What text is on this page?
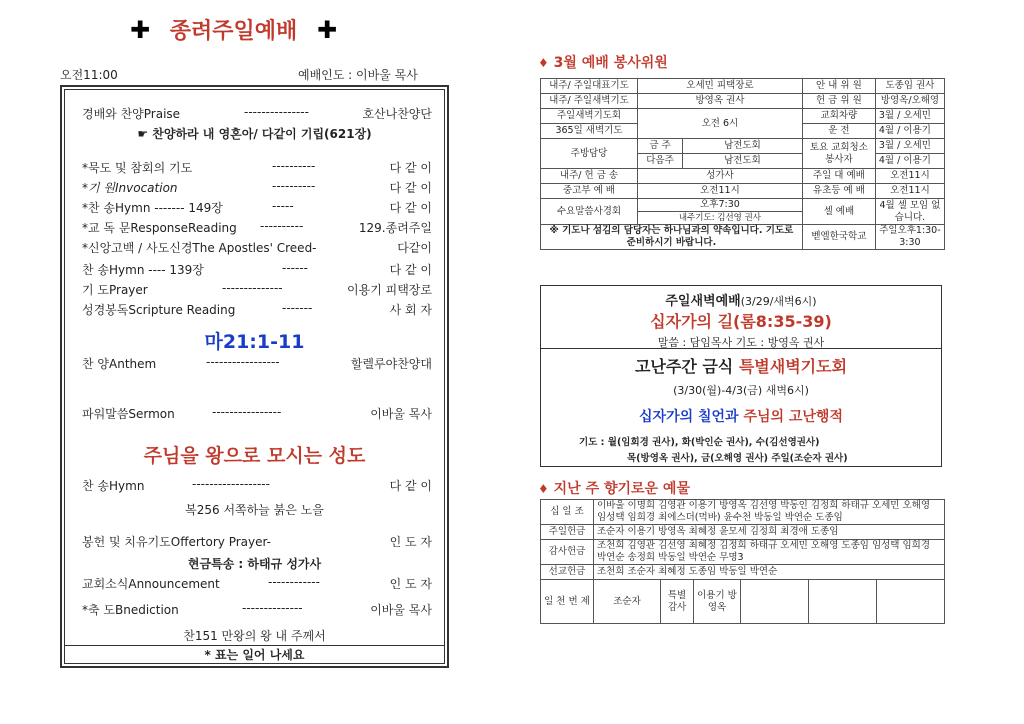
✚ 종려주일예배 ✚
오전11:00	예배인도 : 이바울 목사
경배와 찬양Praise	---------------	호산나찬양단
☛ 찬양하라 내 영혼아/ 다같이 기립(621장)
*묵도 및 참회의 기도	----------	다 같 이
*기 원Invocation	----------	다 같 이
*찬 송Hymn ------- 149장	-----	다 같 이
*교 독 문ResponseReading ----------	129.종려주일
*신앙고백 / 사도신경The Apostles' Creed-	다같이
찬 송Hymn ---- 139장	------	다 같 이
기 도Prayer	--------------	이용기 피택장로
성경봉독Scripture Reading	-------	사 회 자
마21:1-11
찬 양Anthem	-----------------	할렐루야찬양대
파워말씀Sermon	----------------	이바울 목사
주님을 왕으로 모시는 성도
찬 송Hymn	------------------	다 같 이
복256 서쪽하늘 붉은 노을
봉헌 및 치유기도Offertory Prayer-	인 도 자
현금특송 : 하태규 성가사
교회소식Announcement	------------	인 도 자
*축 도Bnediction	--------------	이바울 목사
찬151 만왕의 왕 내 주께서
* 표는 일어 나세요
♦ 3월 예배 봉사위원
내주/ 주일대표기도	오세민 피택장로		안 내 위 원	도종임 권사
내주/ 주일새벽기도	방영옥 권사		헌 금 위 원	방영옥/오해영
주일새벽기도회	오전 6시		교회차량	3월 / 오세민
365일 새벽기도			운 전	4월 / 이용기
주방담당	금 주	남전도회	토요 교회청소 봉사자	3월 / 오세민
	다음주	남전도회		4월 / 이용기
내주/ 헌 금 송	성가사		주일 대 예배	오전11시
중고부 예 배	오전11시		유초등 예 배	오전11시
수요말씀사경회	오후7:30
내주기도: 김선영 권사		셀 예배	4월 셀 모임 없습니다.
※ 기도나 섬김의 담당자는 하나님과의 약속입니다. 기도로 준비하시기 바랍니다.			벧엘한국학교	주일오후1:30-3:30
주일새벽예배(3/29/새벽6시)
십자가의 길(롬8:35-39)
말씀 : 담임목사 기도 : 방영옥 권사
고난주간 금식 특별새벽기도회
(3/30(월)-4/3(금) 새벽6시)
십자가의 칠언과 주님의 고난행적
기도 : 월(임회경 권사), 화(박인순 권사), 수(김선영권사)
목(방영옥 권사), 금(오해영 권사) 주일(조순자 권사)
♦ 지난 주 향기로운 예물
십 일 조	이바울 이명희 김영관 이용기 방영옥 김선영 박동인 김정희 하태규 오세민 오해영 임성택 임희경 최에스더(먹바) 윤수천 박동일 박연순 도종임					
주일헌금	조순자 이용기 방영옥 최혜정 윤모세 김정희 최경애 도종임					
감사헌금	조천희 김영관 김선영 최혜정 김정희 하태규 오세민 오해영 도종임 임성택 임희경 박연순 송정희 박동일 박연순 무명3					
선교헌금	조천희 조순자 최혜정 도종임 박동일 박연순					
일 천 번 제	조순자	특별 감사	이용기 방영옥			
